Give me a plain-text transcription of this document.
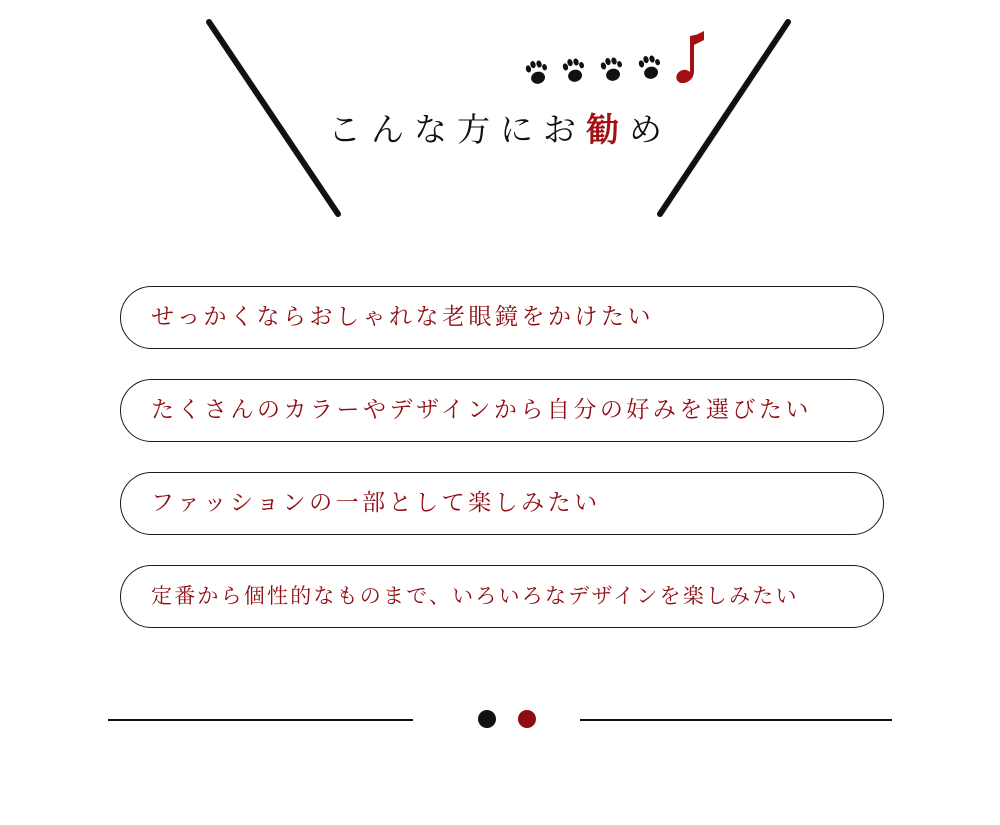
こんな方にお勧め
せっかくならおしゃれな老眼鏡をかけたい
たくさんのカラーやデザインから自分の好みを選びたい
ファッションの一部として楽しみたい
定番から個性的なものまで、いろいろなデザインを楽しみたい
